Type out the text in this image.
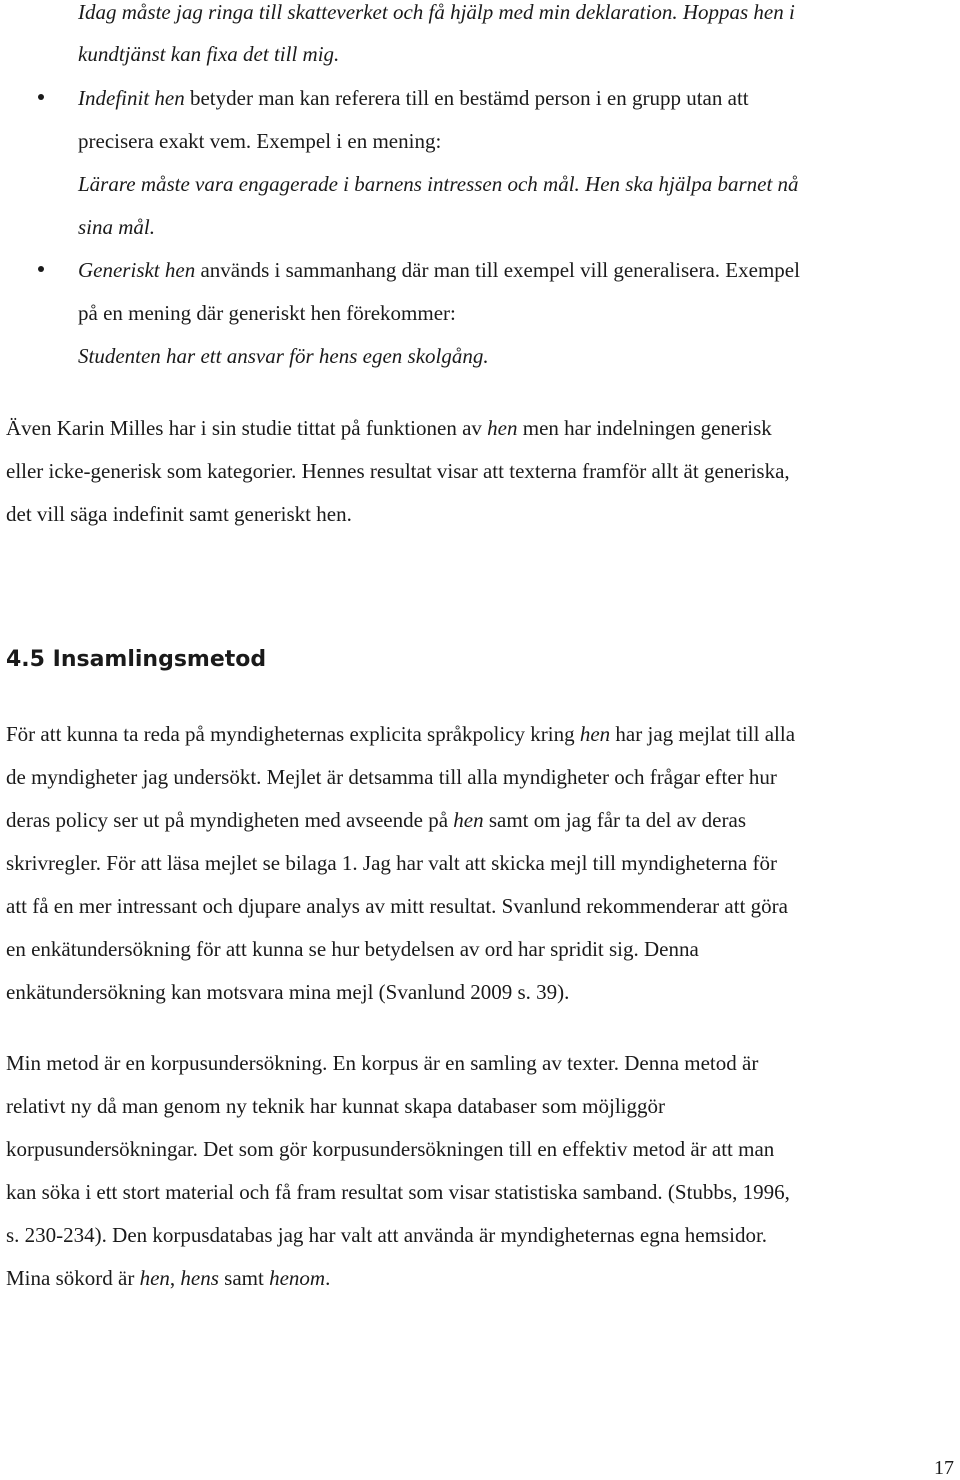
Idag måste jag ringa till skatteverket och få hjälp med min deklaration. Hoppas hen i
kundtjänst kan fixa det till mig.
Indefinit hen betyder man kan referera till en bestämd person i en grupp utan att
precisera exakt vem. Exempel i en mening:
Lärare måste vara engagerade i barnens intressen och mål. Hen ska hjälpa barnet nå
sina mål.
Generiskt hen används i sammanhang där man till exempel vill generalisera. Exempel
på en mening där generiskt hen förekommer:
Studenten har ett ansvar för hens egen skolgång.
Även Karin Milles har i sin studie tittat på funktionen av hen men har indelningen generisk
eller icke-generisk som kategorier. Hennes resultat visar att texterna framför allt ät generiska,
det vill säga indefinit samt generiskt hen.
4.5 Insamlingsmetod
För att kunna ta reda på myndigheternas explicita språkpolicy kring hen har jag mejlat till alla
de myndigheter jag undersökt. Mejlet är detsamma till alla myndigheter och frågar efter hur
deras policy ser ut på myndigheten med avseende på hen samt om jag får ta del av deras
skrivregler. För att läsa mejlet se bilaga 1. Jag har valt att skicka mejl till myndigheterna för
att få en mer intressant och djupare analys av mitt resultat. Svanlund rekommenderar att göra
en enkätundersökning för att kunna se hur betydelsen av ord har spridit sig. Denna
enkätundersökning kan motsvara mina mejl (Svanlund 2009 s. 39).
Min metod är en korpusundersökning. En korpus är en samling av texter. Denna metod är
relativt ny då man genom ny teknik har kunnat skapa databaser som möjliggör
korpusundersökningar. Det som gör korpusundersökningen till en effektiv metod är att man
kan söka i ett stort material och få fram resultat som visar statistiska samband. (Stubbs, 1996,
s. 230-234). Den korpusdatabas jag har valt att använda är myndigheternas egna hemsidor.
Mina sökord är hen, hens samt henom.
17
